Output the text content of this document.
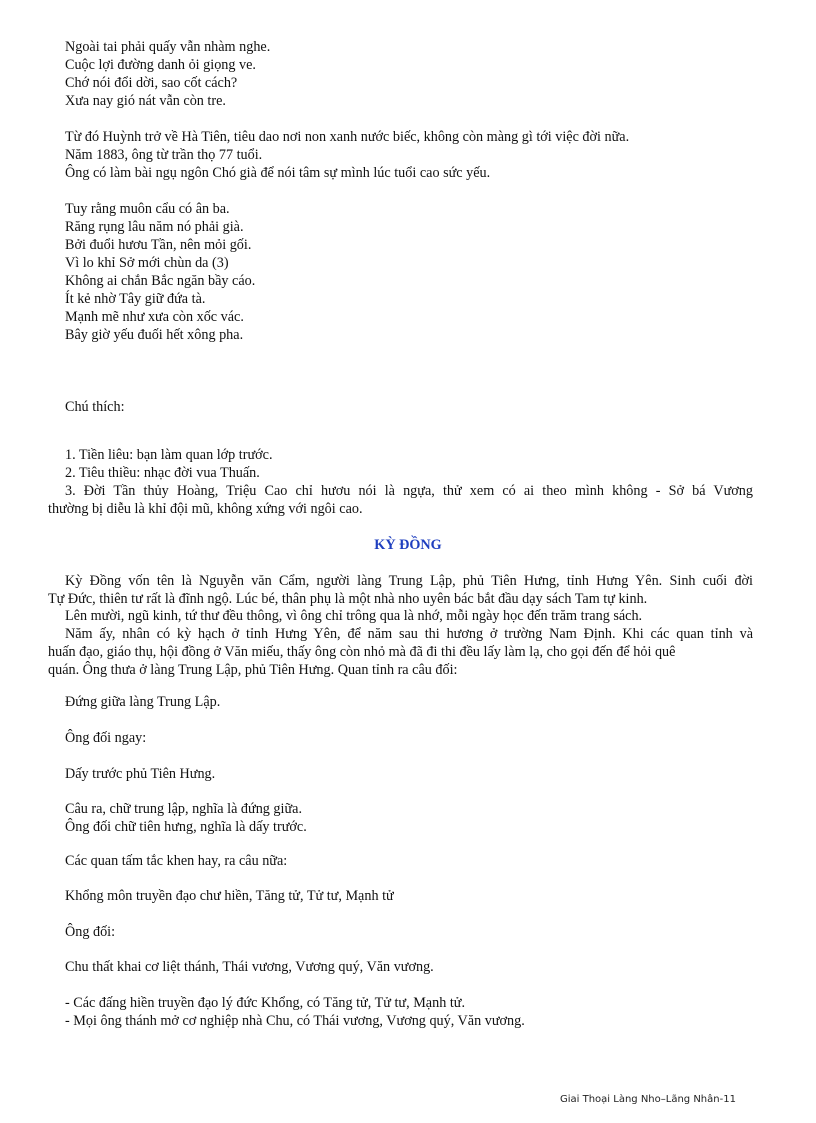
Ngoài tai phải quấy vẫn nhàm nghe.
Cuộc lợi đường danh ỏi giọng ve.
Chớ nói đổi dời, sao cốt cách?
Xưa nay gió nát vẫn còn tre.
Từ đó Huỳnh trở về Hà Tiên, tiêu dao nơi non xanh nước biếc, không còn màng gì tới việc đời nữa.
Năm 1883, ông từ trần thọ 77 tuổi.
Ông có làm bài ngụ ngôn Chó già để nói tâm sự mình lúc tuổi cao sức yếu.
Tuy rằng muôn cẩu có ân ba.
Răng rụng lâu năm nó phải già.
Bởi đuổi hươu Tần, nên mỏi gối.
Vì lo khỉ Sở mới chùn da (3)
Không ai chắn Bắc ngăn bầy cáo.
Ít kẻ nhờ Tây giữ đứa tà.
Mạnh mẽ như xưa còn xốc vác.
Bây giờ yếu đuối hết xông pha.
Chú thích:
1. Tiền liêu: bạn làm quan lớp trước.
2. Tiêu thiều: nhạc đời vua Thuấn.
3. Đời Tần thủy Hoàng, Triệu Cao chỉ hươu nói là ngựa, thử xem có ai theo mình không - Sở bá Vương
thường bị diễu là khỉ đội mũ, không xứng với ngôi cao.
KỲ ĐỒNG
Kỳ Đồng vốn tên là Nguyễn văn Cẩm, người làng Trung Lập, phủ Tiên Hưng, tỉnh Hưng Yên. Sinh cuối đời
Tự Đức, thiên tư rất là đĩnh ngộ. Lúc bé, thân phụ là một nhà nho uyên bác bắt đầu dạy sách Tam tự kinh.
Lên mười, ngũ kinh, tứ thư đều thông, vì ông chỉ trông qua là nhớ, mỗi ngày học đến trăm trang sách.
Năm ấy, nhân có kỳ hạch ở tỉnh Hưng Yên, để năm sau thi hương ở trường Nam Định. Khi các quan tỉnh và
huấn đạo, giáo thụ, hội đồng ở Văn miếu, thấy ông còn nhỏ mà đã đi thi đều lấy làm lạ, cho gọi đến để hỏi quê
quán. Ông thưa ở làng Trung Lập, phủ Tiên Hưng. Quan tỉnh ra câu đối:
Đứng giữa làng Trung Lập.
Ông đối ngay:
Dấy trước phủ Tiên Hưng.
Câu ra, chữ trung lập, nghĩa là đứng giữa.
Ông đối chữ tiên hưng, nghĩa là dấy trước.
Các quan tấm tắc khen hay, ra câu nữa:
Khổng môn truyền đạo chư hiền, Tăng tử, Tử tư, Mạnh tử
Ông đối:
Chu thất khai cơ liệt thánh, Thái vương, Vương quý, Văn vương.
- Các đấng hiền truyền đạo lý đức Khổng, có Tăng tử, Tử tư, Mạnh tử.
- Mọi ông thánh mở cơ nghiệp nhà Chu, có Thái vương, Vương quý, Văn vương.
Giai Thoại Làng Nho–Lãng Nhân-11
